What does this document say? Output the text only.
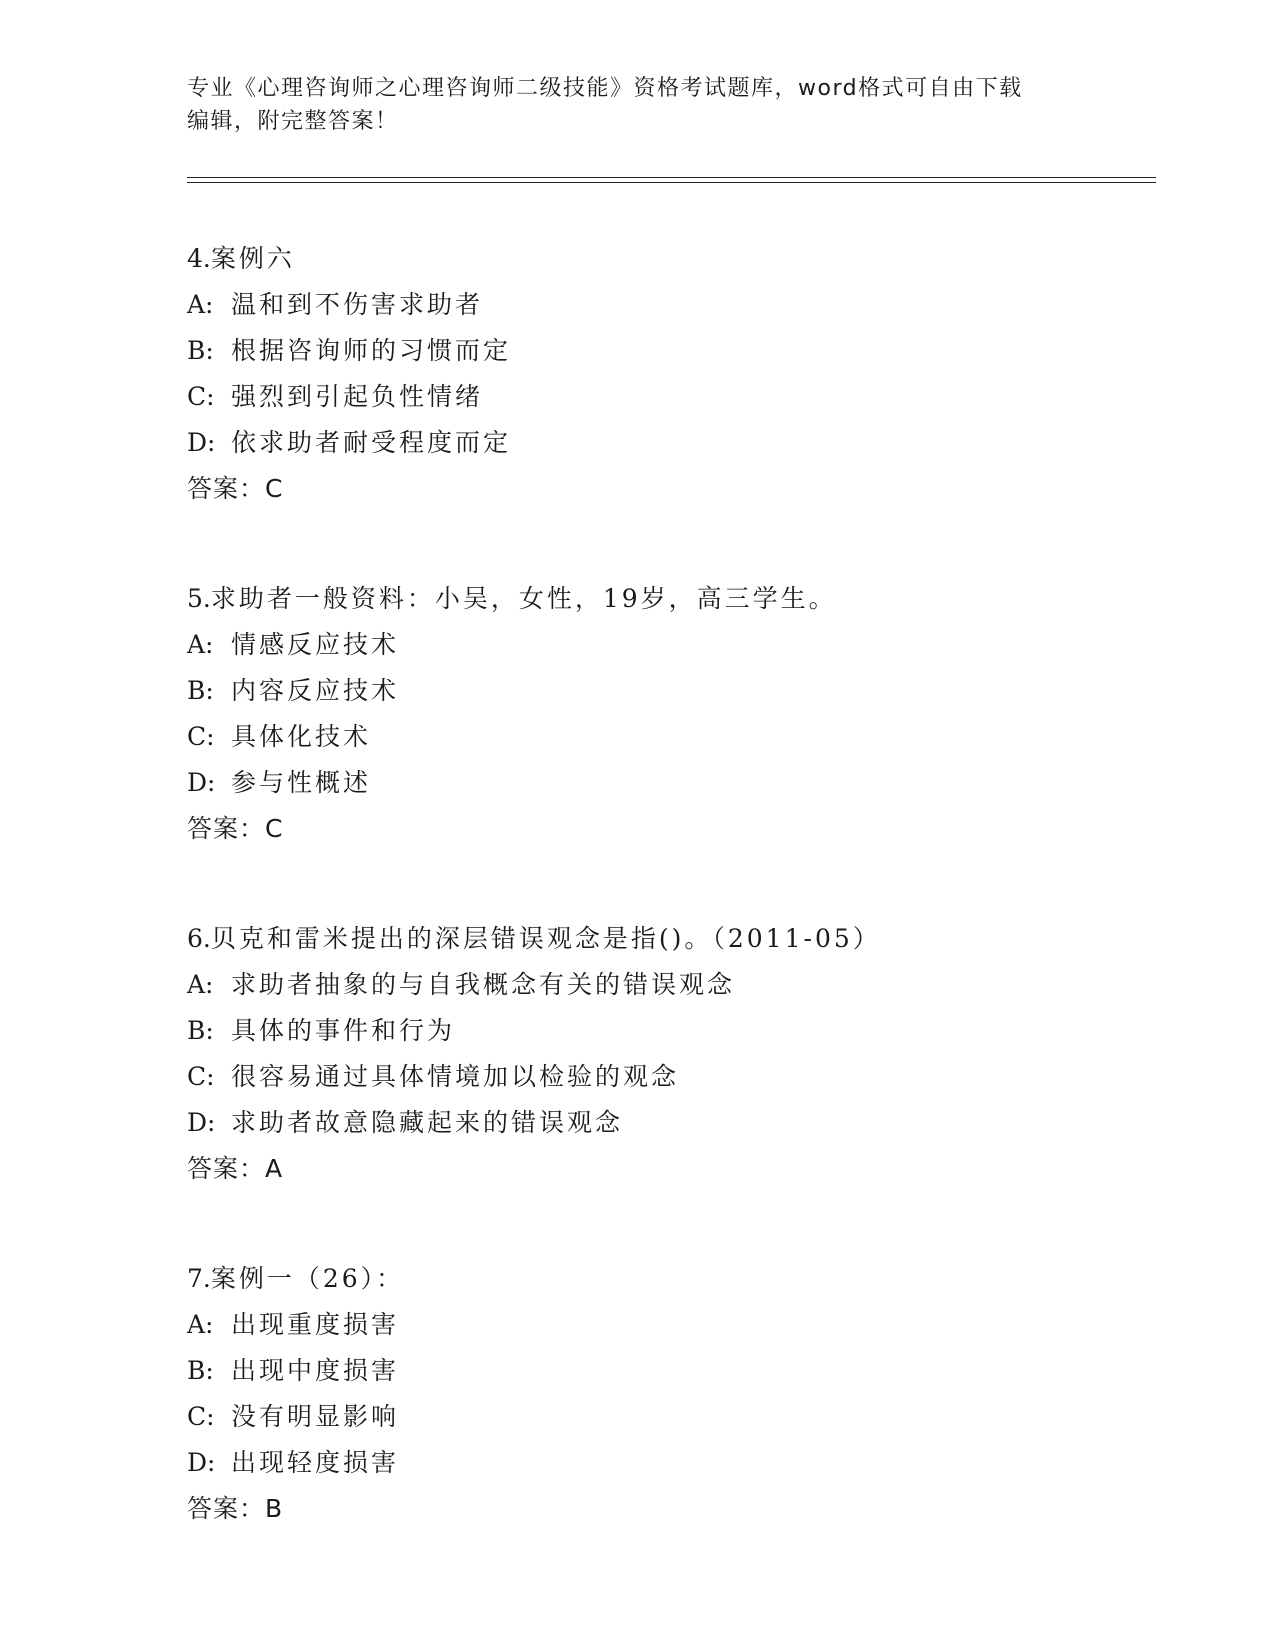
专业《心理咨询师之心理咨询师二级技能》资格考试题库，word格式可自由下载
编辑，附完整答案！
4.案例六
A: 温和到不伤害求助者
B: 根据咨询师的习惯而定
C: 强烈到引起负性情绪
D: 依求助者耐受程度而定
答案：C
5.求助者一般资料：小吴，女性，19岁，高三学生。
A: 情感反应技术
B: 内容反应技术
C: 具体化技术
D: 参与性概述
答案：C
6.贝克和雷米提出的深层错误观念是指()。（2011-05）
A: 求助者抽象的与自我概念有关的错误观念
B: 具体的事件和行为
C: 很容易通过具体情境加以检验的观念
D: 求助者故意隐藏起来的错误观念
答案：A
7.案例一（26）：
A: 出现重度损害
B: 出现中度损害
C: 没有明显影响
D: 出现轻度损害
答案：B
